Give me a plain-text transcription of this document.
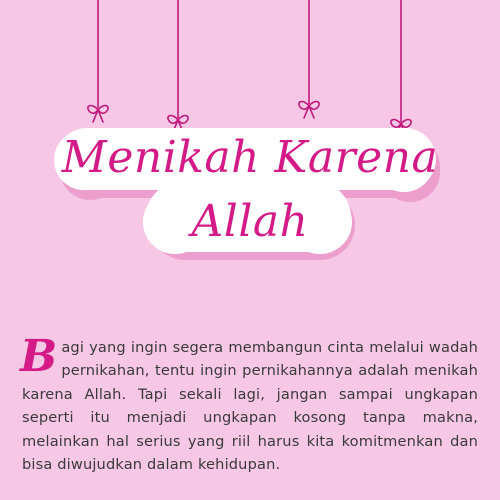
Menikah Karena
Allah
Bagi yang ingin segera membangun cinta melalui wadah pernikahan, tentu ingin pernikahannya adalah menikah karena Allah. Tapi sekali lagi, jangan sampai ungkapan seperti itu menjadi ungkapan kosong tanpa makna, melainkan hal serius yang riil harus kita komitmenkan dan bisa diwujudkan dalam kehidupan.
